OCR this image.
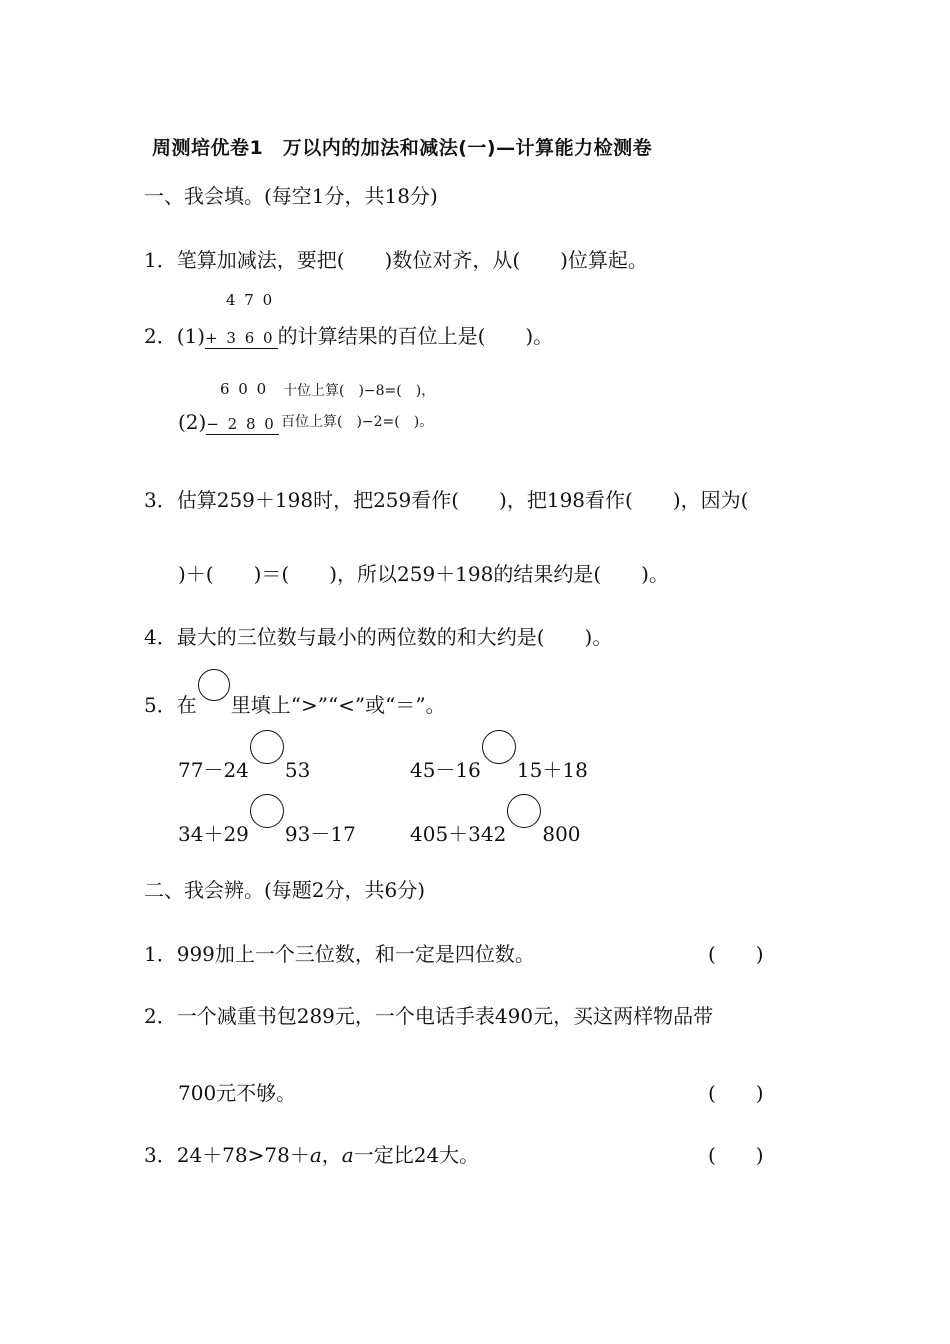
周测培优卷1　万以内的加法和减法(一)—计算能力检测卷
一、我会填。(每空1分，共18分)
1．笔算加减法，要把(　　)数位对齐，从(　　)位算起。
4 7 0
2．(1)+ 3 6 0 的计算结果的百位上是(　　)。
6 0 0 十位上算(　)−8=(　)，
(2)− 2 8 0 百位上算(　)−2=(　)。
3．估算259＋198时，把259看作(　　)，把198看作(　　)，因为(
)＋(　　)＝(　　)，所以259＋198的结果约是(　　)。
4．最大的三位数与最小的两位数的和大约是(　　)。
5．在 里填上“>”“<”或“＝”。
77－24 53	45－16 15＋18
34＋29 93－17	405＋342 800
二、我会辨。(每题2分，共6分)
1．999加上一个三位数，和一定是四位数。	(　　)
2．一个减重书包289元，一个电话手表490元，买这两样物品带
700元不够。	(　　)
3．24＋78>78＋a，a一定比24大。	(　　)
